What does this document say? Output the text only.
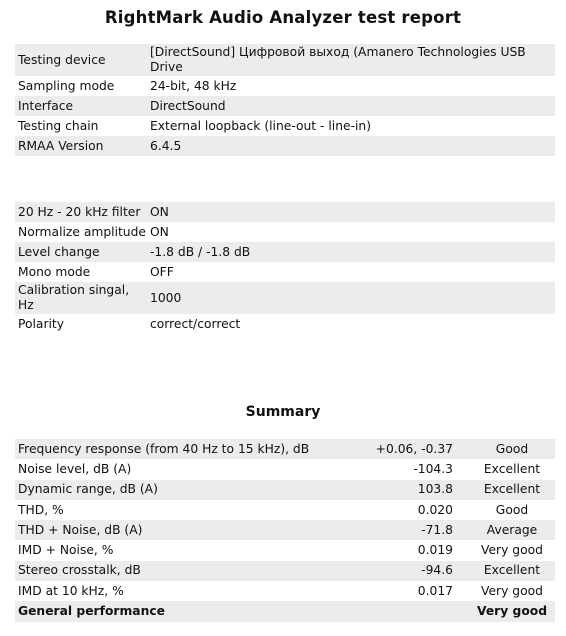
RightMark Audio Analyzer test report
Testing device	[DirectSound] Цифровой выход (Amanero Technologies USB Drive
Sampling mode	24-bit, 48 kHz
Interface	DirectSound
Testing chain	External loopback (line-out - line-in)
RMAA Version	6.4.5
20 Hz - 20 kHz filter	ON
Normalize amplitude	ON
Level change	-1.8 dB / -1.8 dB
Mono mode	OFF
Calibration singal, Hz	1000
Polarity	correct/correct
Summary
Frequency response (from 40 Hz to 15 kHz), dB	+0.06, -0.37	Good
Noise level, dB (A)	-104.3	Excellent
Dynamic range, dB (A)	103.8	Excellent
THD, %	0.020	Good
THD + Noise, dB (A)	-71.8	Average
IMD + Noise, %	0.019	Very good
Stereo crosstalk, dB	-94.6	Excellent
IMD at 10 kHz, %	0.017	Very good
General performance		Very good
